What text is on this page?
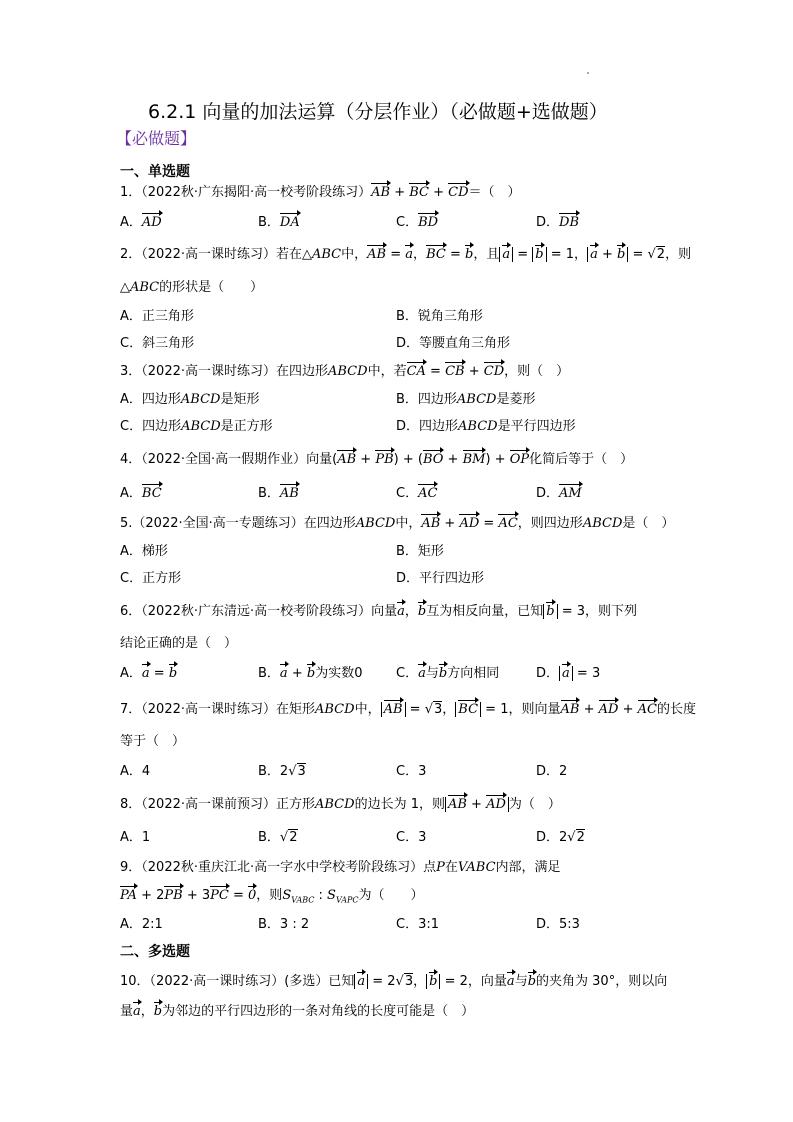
6.2.1 向量的加法运算（分层作业）（必做题+选做题）
【必做题】
一、单选题
1．（2022秋·广东揭阳·高一校考阶段练习）AB + BC + CD＝（　）
A．AD	B．DA	C．BD	D．DB
2．（2022·高一课时练习）若在△ABC中，AB = a，BC = b，且 a = b = 1， a + b = √2，则
△ABC的形状是（　　）
A．正三角形	B．锐角三角形
C．斜三角形	D．等腰直角三角形
3．（2022·高一课时练习）在四边形ABCD中，若CA = CB + CD，则（　）
A．四边形ABCD是矩形	B．四边形ABCD是菱形
C．四边形ABCD是正方形	D．四边形ABCD是平行四边形
4．（2022·全国·高一假期作业）向量(AB + PB) + (BO + BM) + OP化简后等于（　）
A．BC	B．AB	C．AC	D．AM
5.（2022·全国·高一专题练习）在四边形ABCD中，AB + AD = AC，则四边形ABCD是（　）
A．梯形	B．矩形
C．正方形	D．平行四边形
6．（2022秋·广东清远·高一校考阶段练习）向量a，b互为相反向量，已知 b = 3，则下列
结论正确的是（　）
A．a = b	B．a + b为实数0	C．a与b方向相同	D． a = 3
7．（2022·高一课时练习）在矩形ABCD中， AB = √3， BC = 1，则向量AB + AD + AC的长度
等于（　）
A．4	B．2√3	C．3	D．2
8．（2022·高一课前预习）正方形ABCD的边长为 1，则 AB + AD 为（　）
A．1	B．√2	C．3	D．2√2
9．（2022秋·重庆江北·高一字水中学校考阶段练习）点P在VABC内部，满足
PA + 2PB + 3PC = 0，则$S_{VABC}$ : $S_{VAPC}$为（　　）
A．2:1	B．3 : 2	C．3:1	D．5:3
二、多选题
10．（2022·高一课时练习）(多选）已知 a = 2√3， b = 2，向量a与b的夹角为 30°，则以向
量a，b为邻边的平行四边形的一条对角线的长度可能是（　）
